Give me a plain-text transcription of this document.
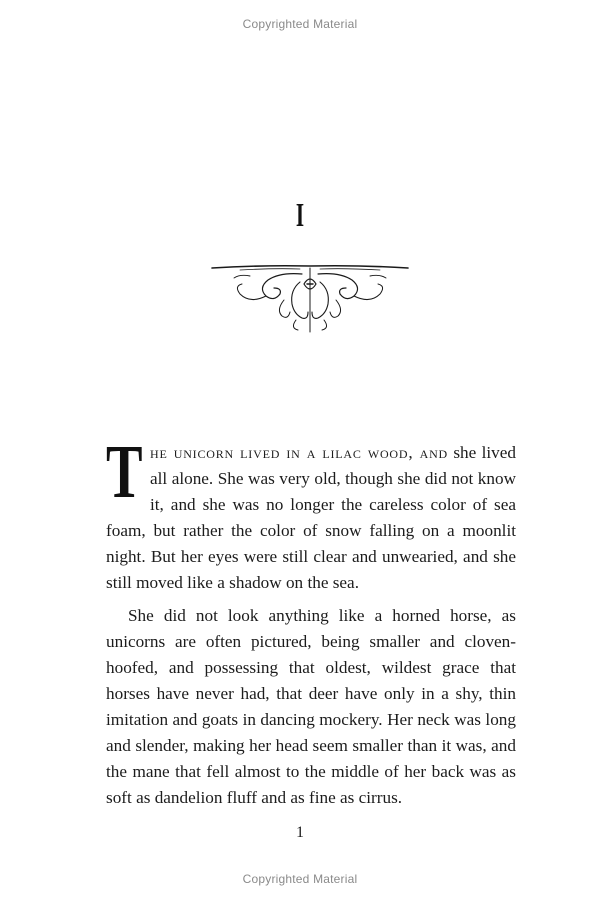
Copyrighted Material
I

The unicorn lived in a lilac wood, and she lived all alone. She was very old, though she did not know it, and she was no longer the careless color of sea foam, but rather the color of snow falling on a moonlit night. But her eyes were still clear and unwearied, and she still moved like a shadow on the sea.

She did not look anything like a horned horse, as unicorns are often pictured, being smaller and cloven-hoofed, and possessing that oldest, wildest grace that horses have never had, that deer have only in a shy, thin imitation and goats in dancing mockery. Her neck was long and slender, making her head seem smaller than it was, and the mane that fell almost to the middle of her back was as soft as dandelion fluff and as fine as cirrus.

1
Copyrighted Material
